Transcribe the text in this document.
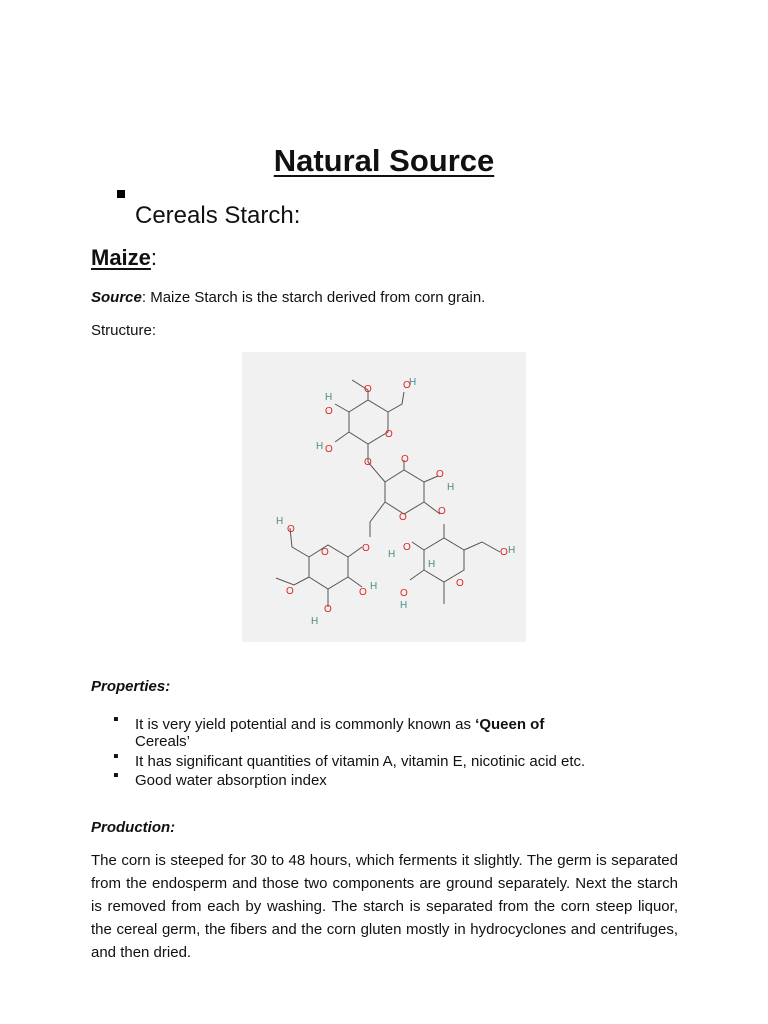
Natural Source
Cereals Starch:
Maize:
Source: Maize Starch is the starch derived from corn grain.
Structure:
O	O
H
H
O
O
H O
O	O
O
H
O
O
O
H
O
O
O	O
H
H
O
O
H
H
O
O H
O
H
Properties:
▪ It is very yield potential and is commonly known as ‘Queen of
Cereals’
▪ It has significant quantities of vitamin A, vitamin E, nicotinic acid etc.
▪ Good water absorption index
Production:
The corn is steeped for 30 to 48 hours, which ferments it slightly. The germ is separated from the endosperm and those two components are ground separately. Next the starch is removed from each by washing. The starch is separated from the corn steep liquor, the cereal germ, the fibers and the corn gluten mostly in hydrocyclones and centrifuges, and then dried.
